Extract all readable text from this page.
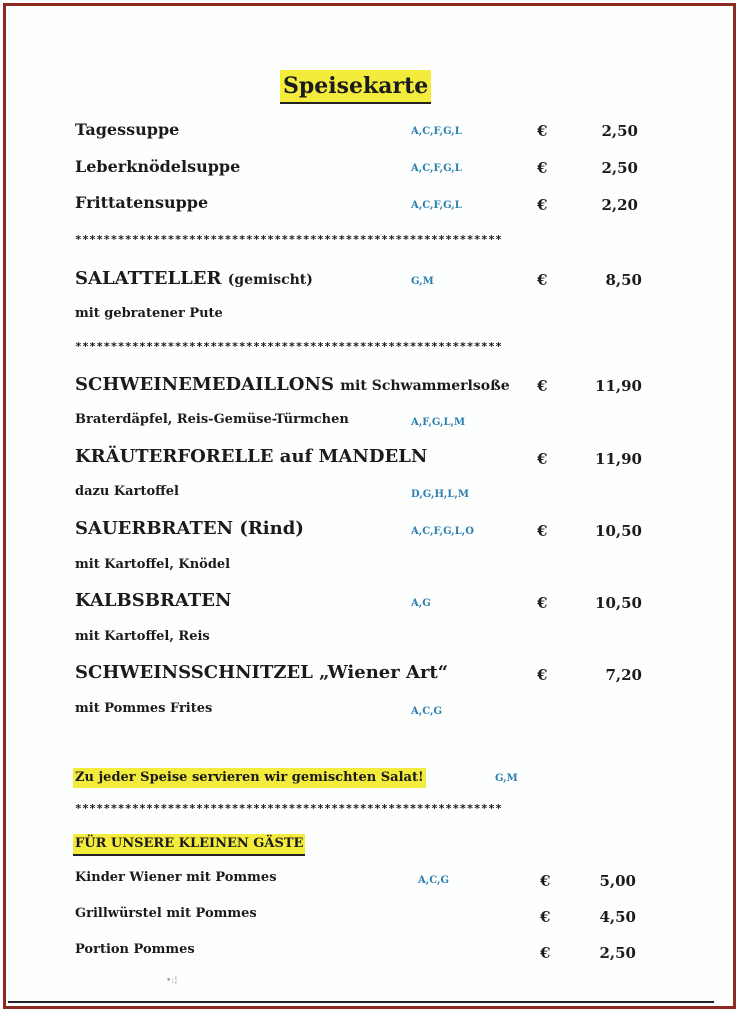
Speisekarte
Tagessuppe	A,C,F,G,L	€	2,50
Leberknödelsuppe	A,C,F,G,L	€	2,50
Frittatensuppe	A,C,F,G,L	€	2,20
************************************************************
SALATTELLER (gemischt)	G,M	€	8,50
mit gebratener Pute
************************************************************
SCHWEINEMEDAILLONS mit Schwammerlsoße €	11,90
Braterdäpfel, Reis-Gemüse-Türmchen	A,F,G,L,M
KRÄUTERFORELLE auf MANDELN	€	11,90
dazu Kartoffel	D,G,H,L,M
SAUERBRATEN (Rind)	A,C,F,G,L,O	€	10,50
mit Kartoffel, Knödel
KALBSBRATEN	A,G	€	10,50
mit Kartoffel, Reis
SCHWEINSSCHNITZEL „Wiener Art“	€	7,20
mit Pommes Frites	A,C,G
Zu jeder Speise servieren wir gemischten Salat!	G,M
************************************************************
FÜR UNSERE KLEINEN GÄSTE
Kinder Wiener mit Pommes	A,C,G	€	5,00
Grillwürstel mit Pommes	€	4,50
Portion Pommes	€	2,50
•:¦
